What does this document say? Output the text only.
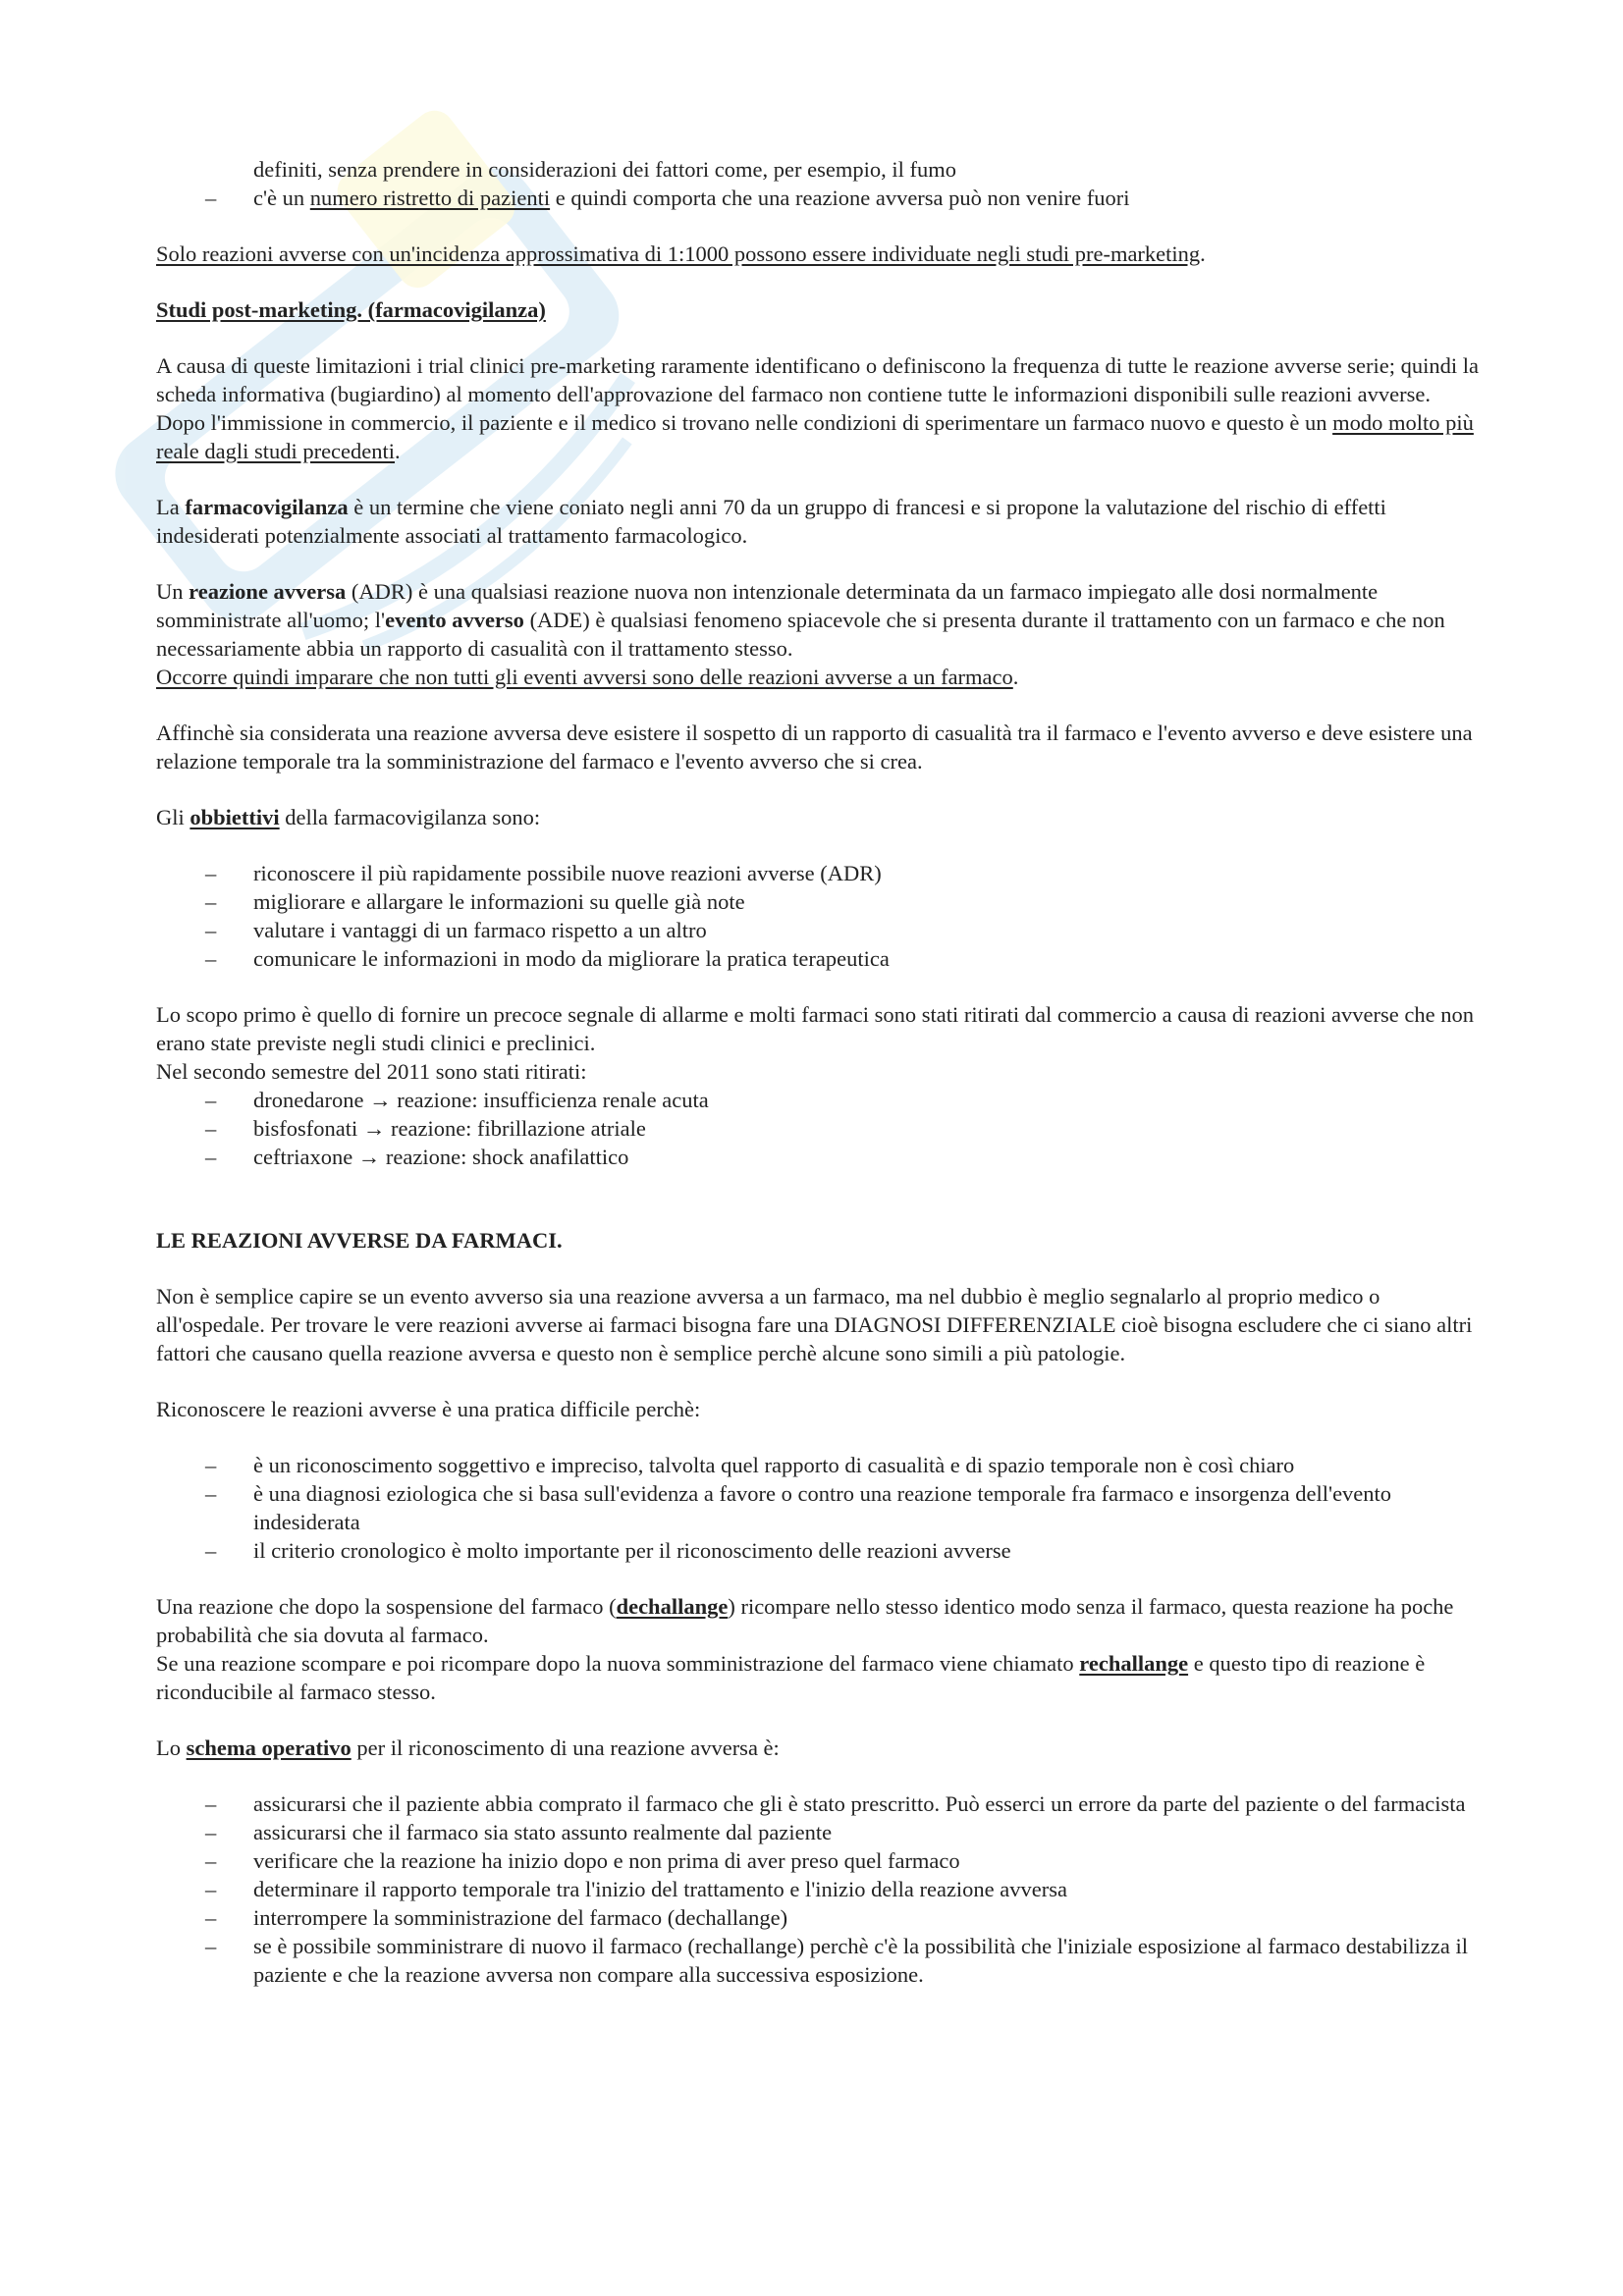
definiti, senza prendere in considerazioni dei fattori come, per esempio, il fumo
– c'è un numero ristretto di pazienti e quindi comporta che una reazione avversa può non venire fuori

Solo reazioni avverse con un'incidenza approssimativa di 1:1000 possono essere individuate negli studi pre-marketing.

Studi post-marketing. (farmacovigilanza)

A causa di queste limitazioni i trial clinici pre-marketing raramente identificano o definiscono la frequenza di tutte le reazione avverse serie; quindi la scheda informativa (bugiardino) al momento dell'approvazione del farmaco non contiene tutte le informazioni disponibili sulle reazioni avverse.

Dopo l'immissione in commercio, il paziente e il medico si trovano nelle condizioni di sperimentare un farmaco nuovo e questo è un modo molto più reale dagli studi precedenti.

La farmacovigilanza è un termine che viene coniato negli anni 70 da un gruppo di francesi e si propone la valutazione del rischio di effetti indesiderati potenzialmente associati al trattamento farmacologico.

Un reazione avversa (ADR) è una qualsiasi reazione nuova non intenzionale determinata da un farmaco impiegato alle dosi normalmente somministrate all'uomo; l'evento avverso (ADE) è qualsiasi fenomeno spiacevole che si presenta durante il trattamento con un farmaco e che non necessariamente abbia un rapporto di casualità con il trattamento stesso.

Occorre quindi imparare che non tutti gli eventi avversi sono delle reazioni avverse a un farmaco.

Affinchè sia considerata una reazione avversa deve esistere il sospetto di un rapporto di casualità tra il farmaco e l'evento avverso e deve esistere una relazione temporale tra la somministrazione del farmaco e l'evento avverso che si crea.

Gli obbiettivi della farmacovigilanza sono:

– riconoscere il più rapidamente possibile nuove reazioni avverse (ADR)
– migliorare e allargare le informazioni su quelle già note
– valutare i vantaggi di un farmaco rispetto a un altro
– comunicare le informazioni in modo da migliorare la pratica terapeutica

Lo scopo primo è quello di fornire un precoce segnale di allarme e molti farmaci sono stati ritirati dal commercio a causa di reazioni avverse che non erano state previste negli studi clinici e preclinici.

Nel secondo semestre del 2011 sono stati ritirati:

– dronedarone → reazione: insufficienza renale acuta
– bisfosfonati → reazione: fibrillazione atriale
– ceftriaxone → reazione: shock anafilattico
LE REAZIONI AVVERSE DA FARMACI.

Non è semplice capire se un evento avverso sia una reazione avversa a un farmaco, ma nel dubbio è meglio segnalarlo al proprio medico o all'ospedale. Per trovare le vere reazioni avverse ai farmaci bisogna fare una DIAGNOSI DIFFERENZIALE cioè bisogna escludere che ci siano altri fattori che causano quella reazione avversa e questo non è semplice perchè alcune sono simili a più patologie.

Riconoscere le reazioni avverse è una pratica difficile perchè:

– è un riconoscimento soggettivo e impreciso, talvolta quel rapporto di casualità e di spazio temporale non è così chiaro
– è una diagnosi eziologica che si basa sull'evidenza a favore o contro una reazione temporale fra farmaco e insorgenza dell'evento indesiderata
– il criterio cronologico è molto importante per il riconoscimento delle reazioni avverse

Una reazione che dopo la sospensione del farmaco (dechallange) ricompare nello stesso identico modo senza il farmaco, questa reazione ha poche probabilità che sia dovuta al farmaco.

Se una reazione scompare e poi ricompare dopo la nuova somministrazione del farmaco viene chiamato rechallange e questo tipo di reazione è riconducibile al farmaco stesso.

Lo schema operativo per il riconoscimento di una reazione avversa è:

– assicurarsi che il paziente abbia comprato il farmaco che gli è stato prescritto. Può esserci un errore da parte del paziente o del farmacista
– assicurarsi che il farmaco sia stato assunto realmente dal paziente
– verificare che la reazione ha inizio dopo e non prima di aver preso quel farmaco
– determinare il rapporto temporale tra l'inizio del trattamento e l'inizio della reazione avversa
– interrompere la somministrazione del farmaco (dechallange)
– se è possibile somministrare di nuovo il farmaco (rechallange) perchè c'è la possibilità che l'iniziale esposizione al farmaco destabilizza il paziente e che la reazione avversa non compare alla successiva esposizione.
